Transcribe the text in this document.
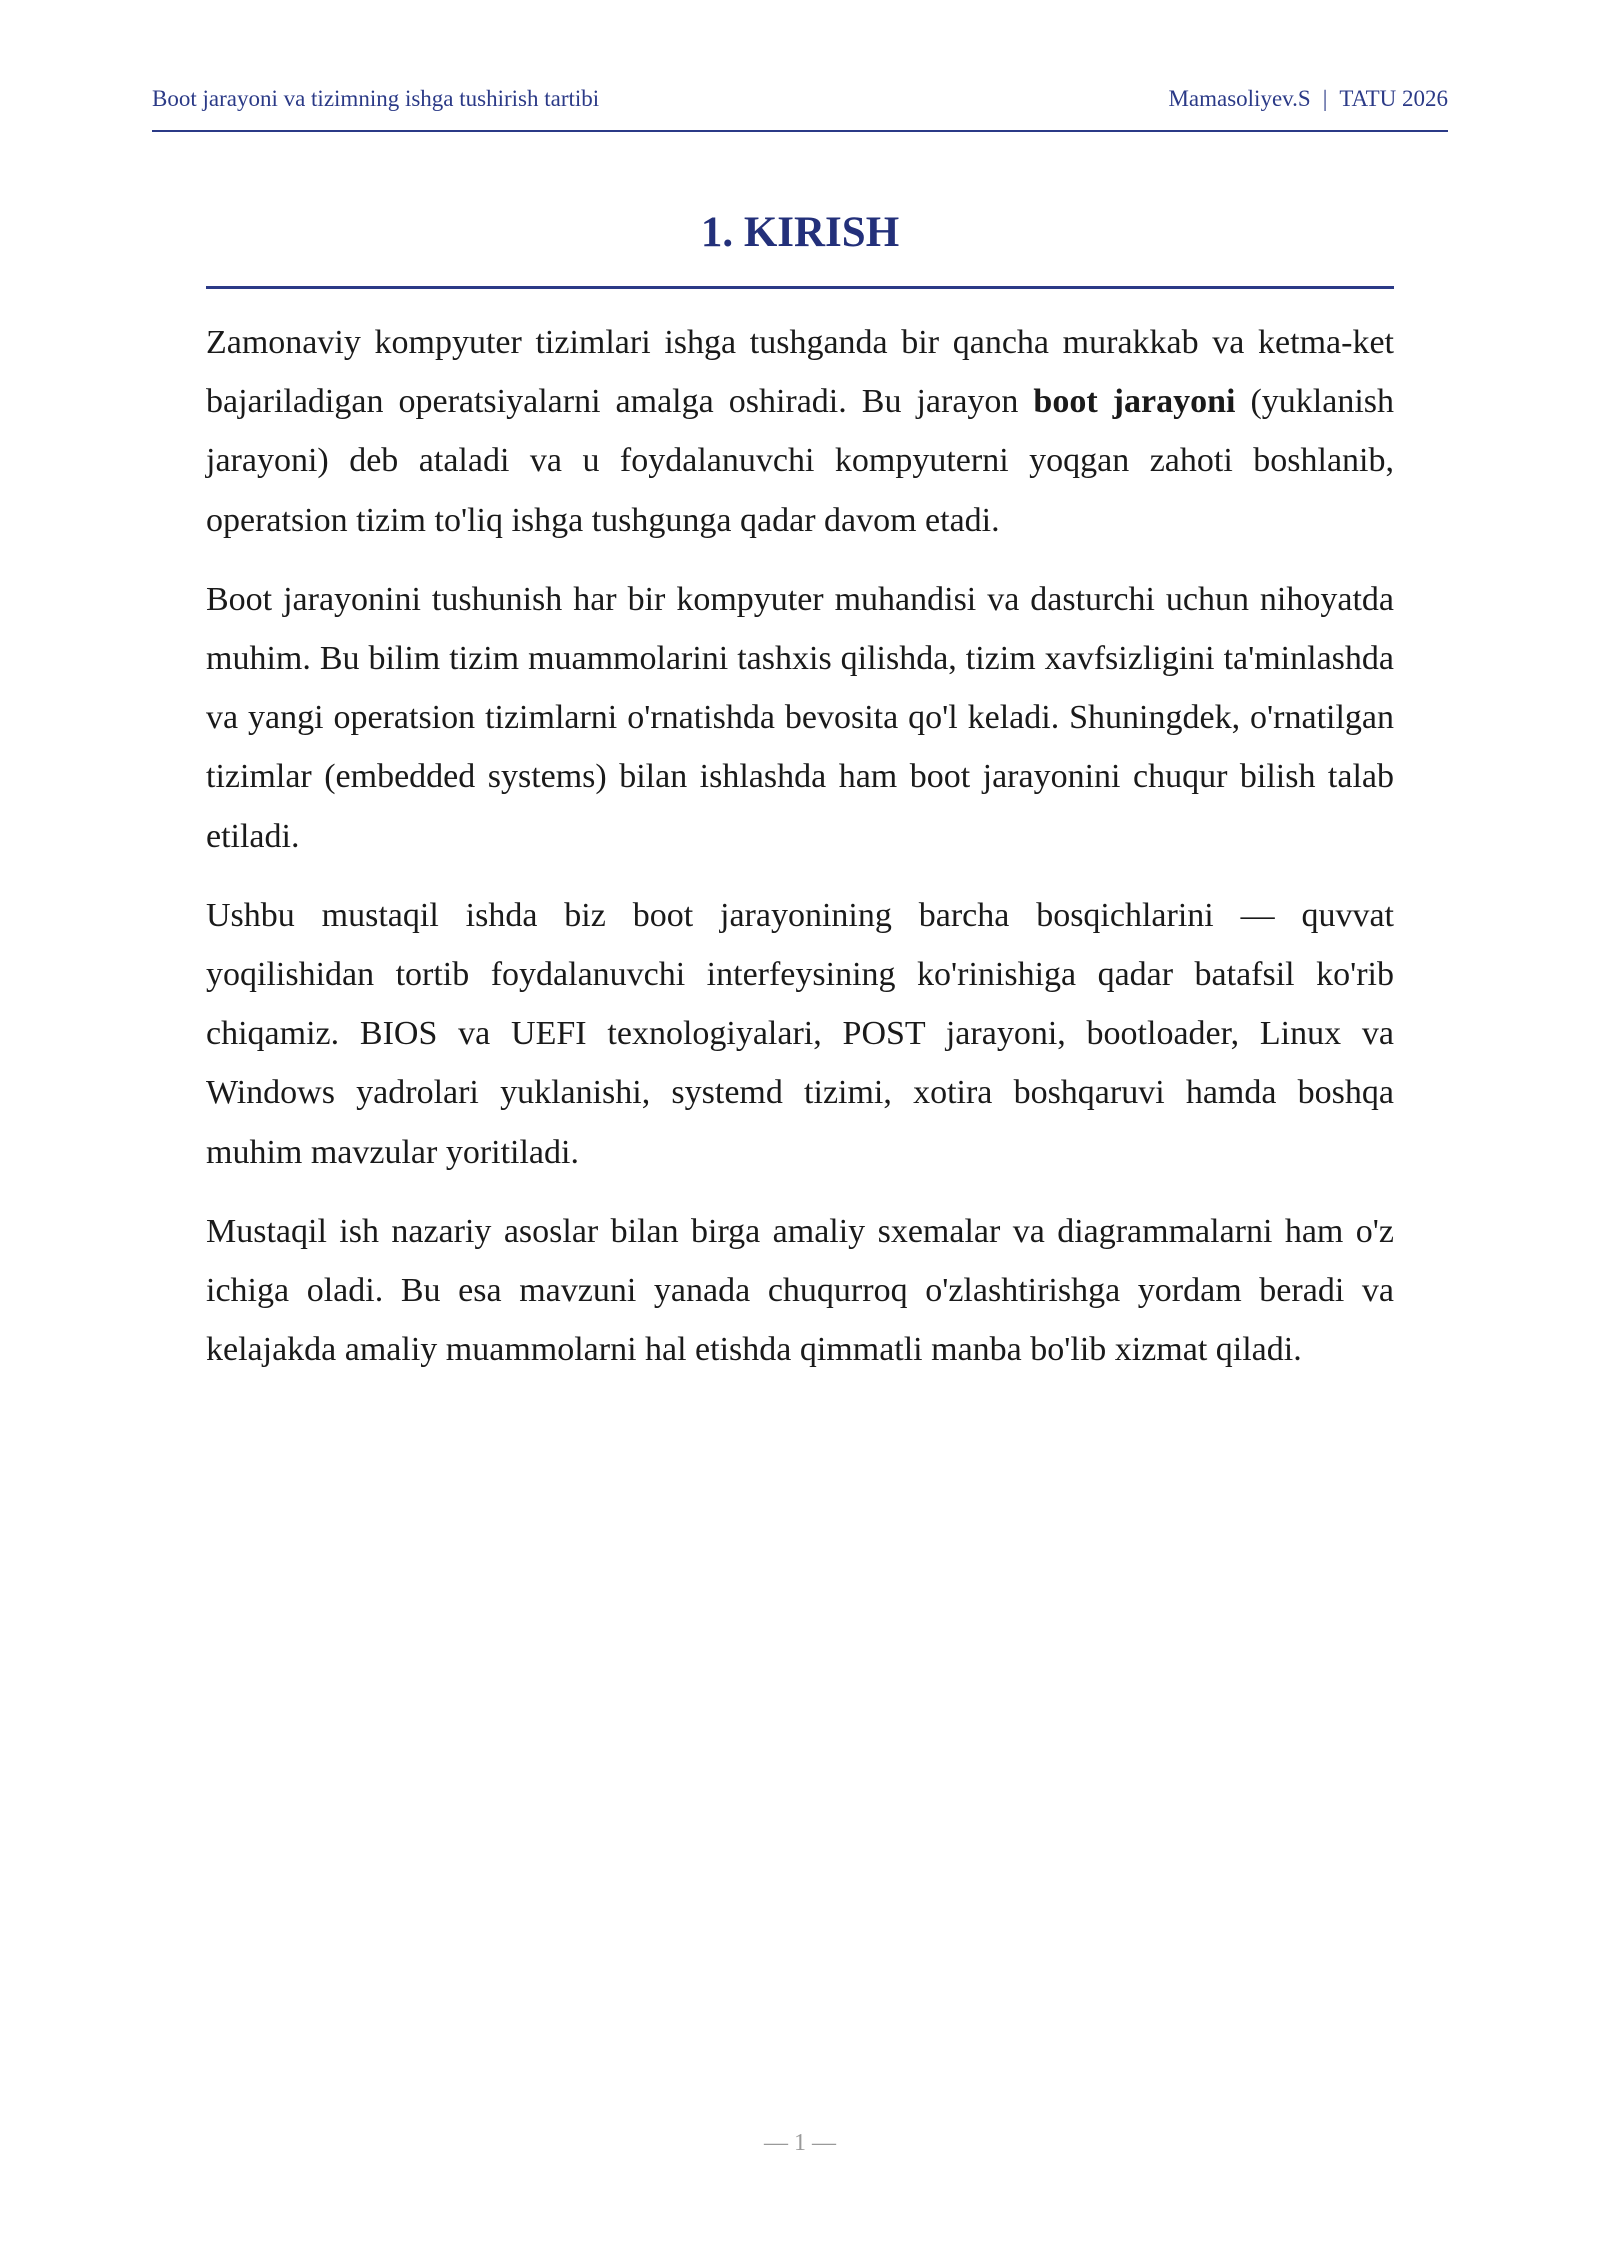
Boot jarayoni va tizimning ishga tushirish tartibi	Mamasoliyev.S | TATU 2026
1. KIRISH

Zamonaviy kompyuter tizimlari ishga tushganda bir qancha murakkab va ketma-ket bajariladigan operatsiyalarni amalga oshiradi. Bu jarayon boot jarayoni (yuklanish jarayoni) deb ataladi va u foydalanuvchi kompyuterni yoqgan zahoti boshlanib, operatsion tizim to'liq ishga tushgunga qadar davom etadi.

Boot jarayonini tushunish har bir kompyuter muhandisi va dasturchi uchun nihoyatda muhim. Bu bilim tizim muammolarini tashxis qilishda, tizim xavfsizligini ta'minlashda va yangi operatsion tizimlarni o'rnatishda bevosita qo'l keladi. Shuningdek, o'rnatilgan tizimlar (embedded systems) bilan ishlashda ham boot jarayonini chuqur bilish talab etiladi.

Ushbu mustaqil ishda biz boot jarayonining barcha bosqichlarini — quvvat yoqilishidan tortib foydalanuvchi interfeysining ko'rinishiga qadar batafsil ko'rib chiqamiz. BIOS va UEFI texnologiyalari, POST jarayoni, bootloader, Linux va Windows yadrolari yuklanishi, systemd tizimi, xotira boshqaruvi hamda boshqa muhim mavzular yoritiladi.

Mustaqil ish nazariy asoslar bilan birga amaliy sxemalar va diagrammalarni ham o'z ichiga oladi. Bu esa mavzuni yanada chuqurroq o'zlashtirishga yordam beradi va kelajakda amaliy muammolarni hal etishda qimmatli manba bo'lib xizmat qiladi.

— 1 —
